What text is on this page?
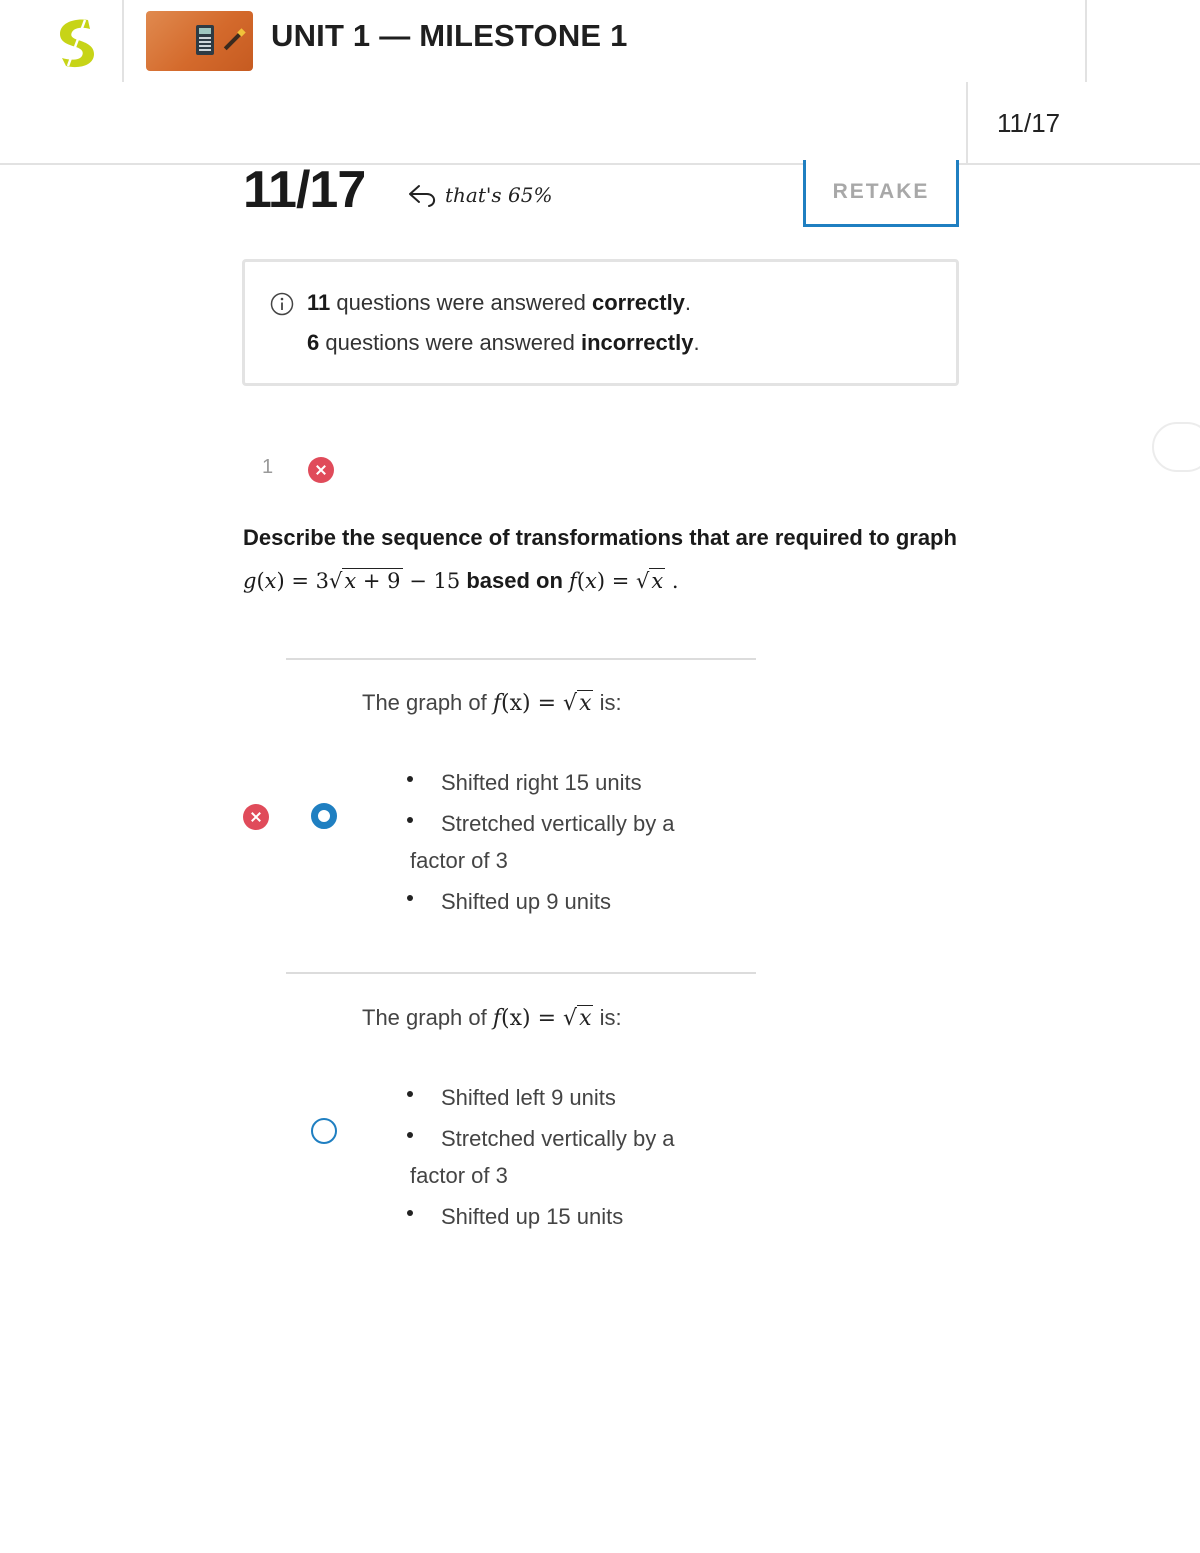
UNIT 1 — MILESTONE 1
11/17
11/17	that's 65%	RETAKE
11 questions were answered correctly.
6 questions were answered incorrectly.
1
Describe the sequence of transformations that are required to graph g(x) = 3√x + 9 − 15 based on f(x) = √x .
The graph of f(x) = √x is:
Shifted right 15 units
Stretched vertically by a
factor of 3
Shifted up 9 units
The graph of f(x) = √x is:
Shifted left 9 units
Stretched vertically by a
factor of 3
Shifted up 15 units
